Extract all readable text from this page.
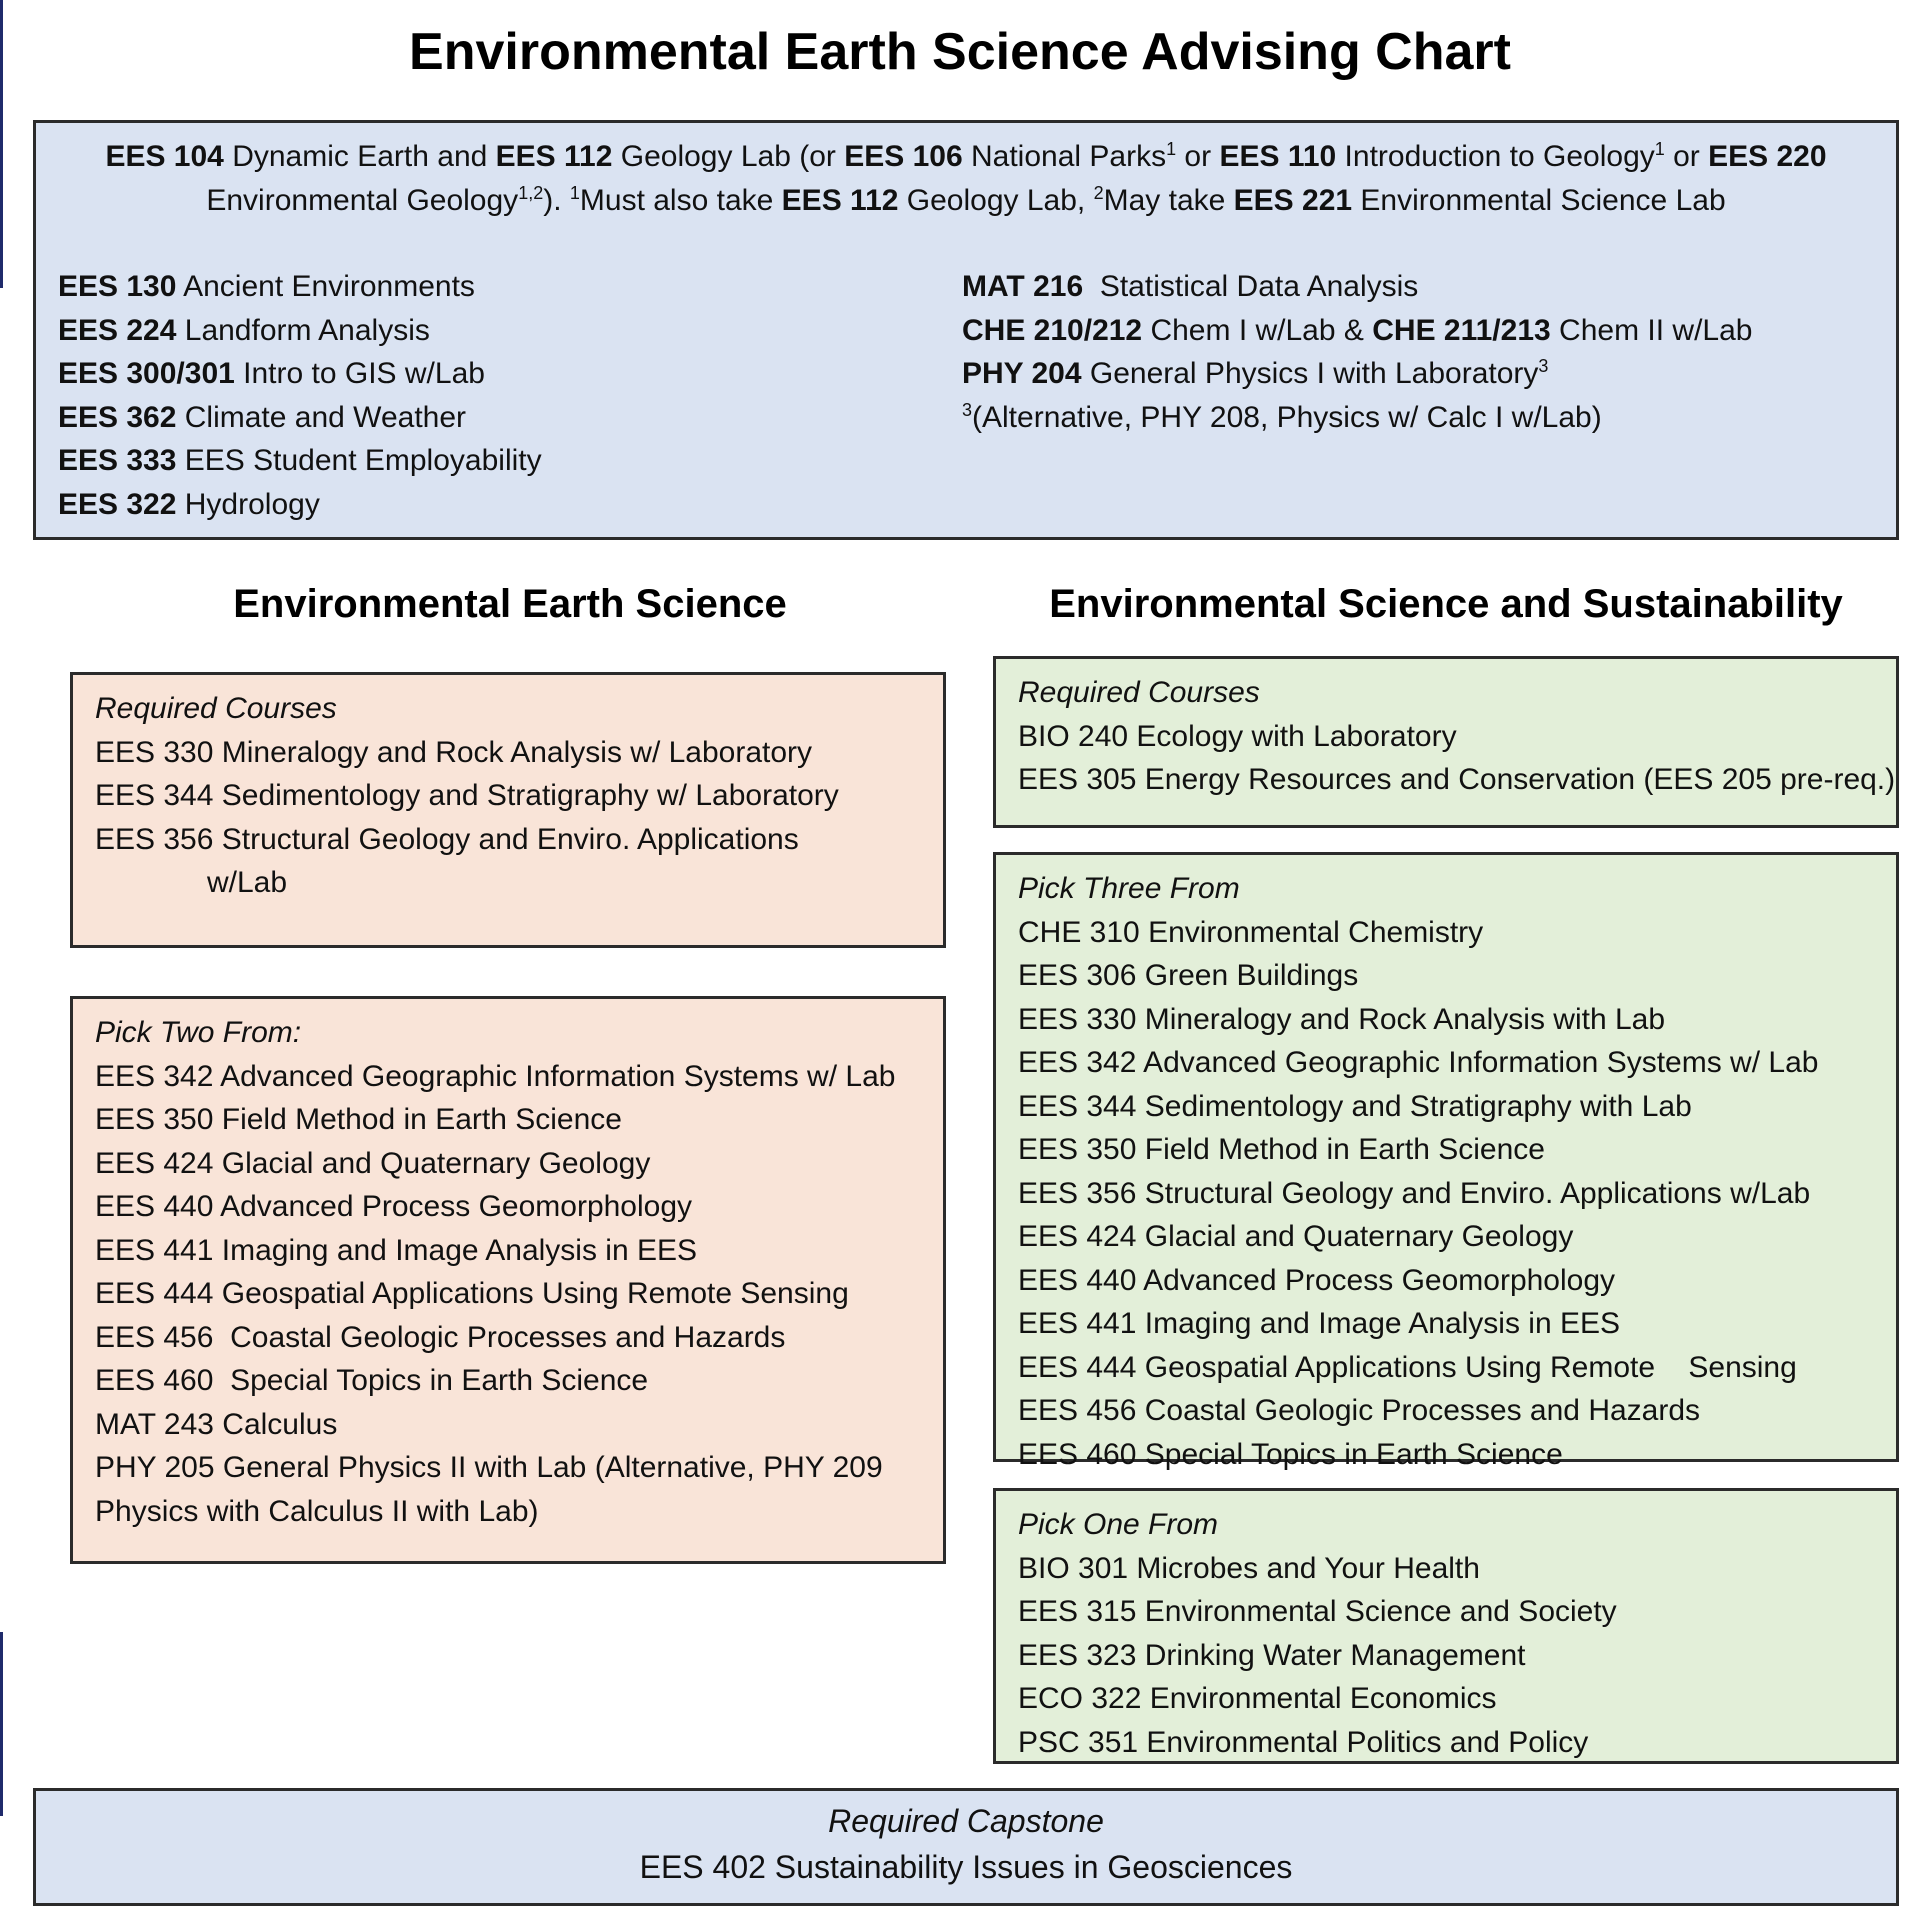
Environmental Earth Science Advising Chart
EES 104 Dynamic Earth and EES 112 Geology Lab (or EES 106 National Parks$^1$ or EES 110 Introduction to Geology$^1$ or EES 220 Environmental Geology$^{1,2}$). $^1$Must also take EES 112 Geology Lab, $^2$May take EES 221 Environmental Science Lab
EES 130 Ancient Environments
EES 224 Landform Analysis
EES 300/301 Intro to GIS w/Lab
EES 362 Climate and Weather
EES 333 EES Student Employability
EES 322 Hydrology
MAT 216  Statistical Data Analysis
CHE 210/212 Chem I w/Lab & CHE 211/213 Chem II w/Lab
PHY 204 General Physics I with Laboratory$^3$
$^3$(Alternative, PHY 208, Physics w/ Calc I w/Lab)
Environmental Earth Science	Environmental Science and Sustainability
Required Courses
EES 330 Mineralogy and Rock Analysis w/ Laboratory
EES 344 Sedimentology and Stratigraphy w/ Laboratory
EES 356 Structural Geology and Enviro. Applications
w/Lab
Pick Two From:
EES 342 Advanced Geographic Information Systems w/ Lab
EES 350 Field Method in Earth Science
EES 424 Glacial and Quaternary Geology
EES 440 Advanced Process Geomorphology
EES 441 Imaging and Image Analysis in EES
EES 444 Geospatial Applications Using Remote Sensing
EES 456  Coastal Geologic Processes and Hazards
EES 460  Special Topics in Earth Science
MAT 243 Calculus
PHY 205 General Physics II with Lab (Alternative, PHY 209
Physics with Calculus II with Lab)
Required Courses
BIO 240 Ecology with Laboratory
EES 305 Energy Resources and Conservation (EES 205 pre-req.)
Pick Three From
CHE 310 Environmental Chemistry
EES 306 Green Buildings
EES 330 Mineralogy and Rock Analysis with Lab
EES 342 Advanced Geographic Information Systems w/ Lab
EES 344 Sedimentology and Stratigraphy with Lab
EES 350 Field Method in Earth Science
EES 356 Structural Geology and Enviro. Applications w/Lab
EES 424 Glacial and Quaternary Geology
EES 440 Advanced Process Geomorphology
EES 441 Imaging and Image Analysis in EES
EES 444 Geospatial Applications Using Remote    Sensing
EES 456 Coastal Geologic Processes and Hazards
EES 460 Special Topics in Earth Science
Pick One From
BIO 301 Microbes and Your Health
EES 315 Environmental Science and Society
EES 323 Drinking Water Management
ECO 322 Environmental Economics
PSC 351 Environmental Politics and Policy
Required Capstone
EES 402 Sustainability Issues in Geosciences
